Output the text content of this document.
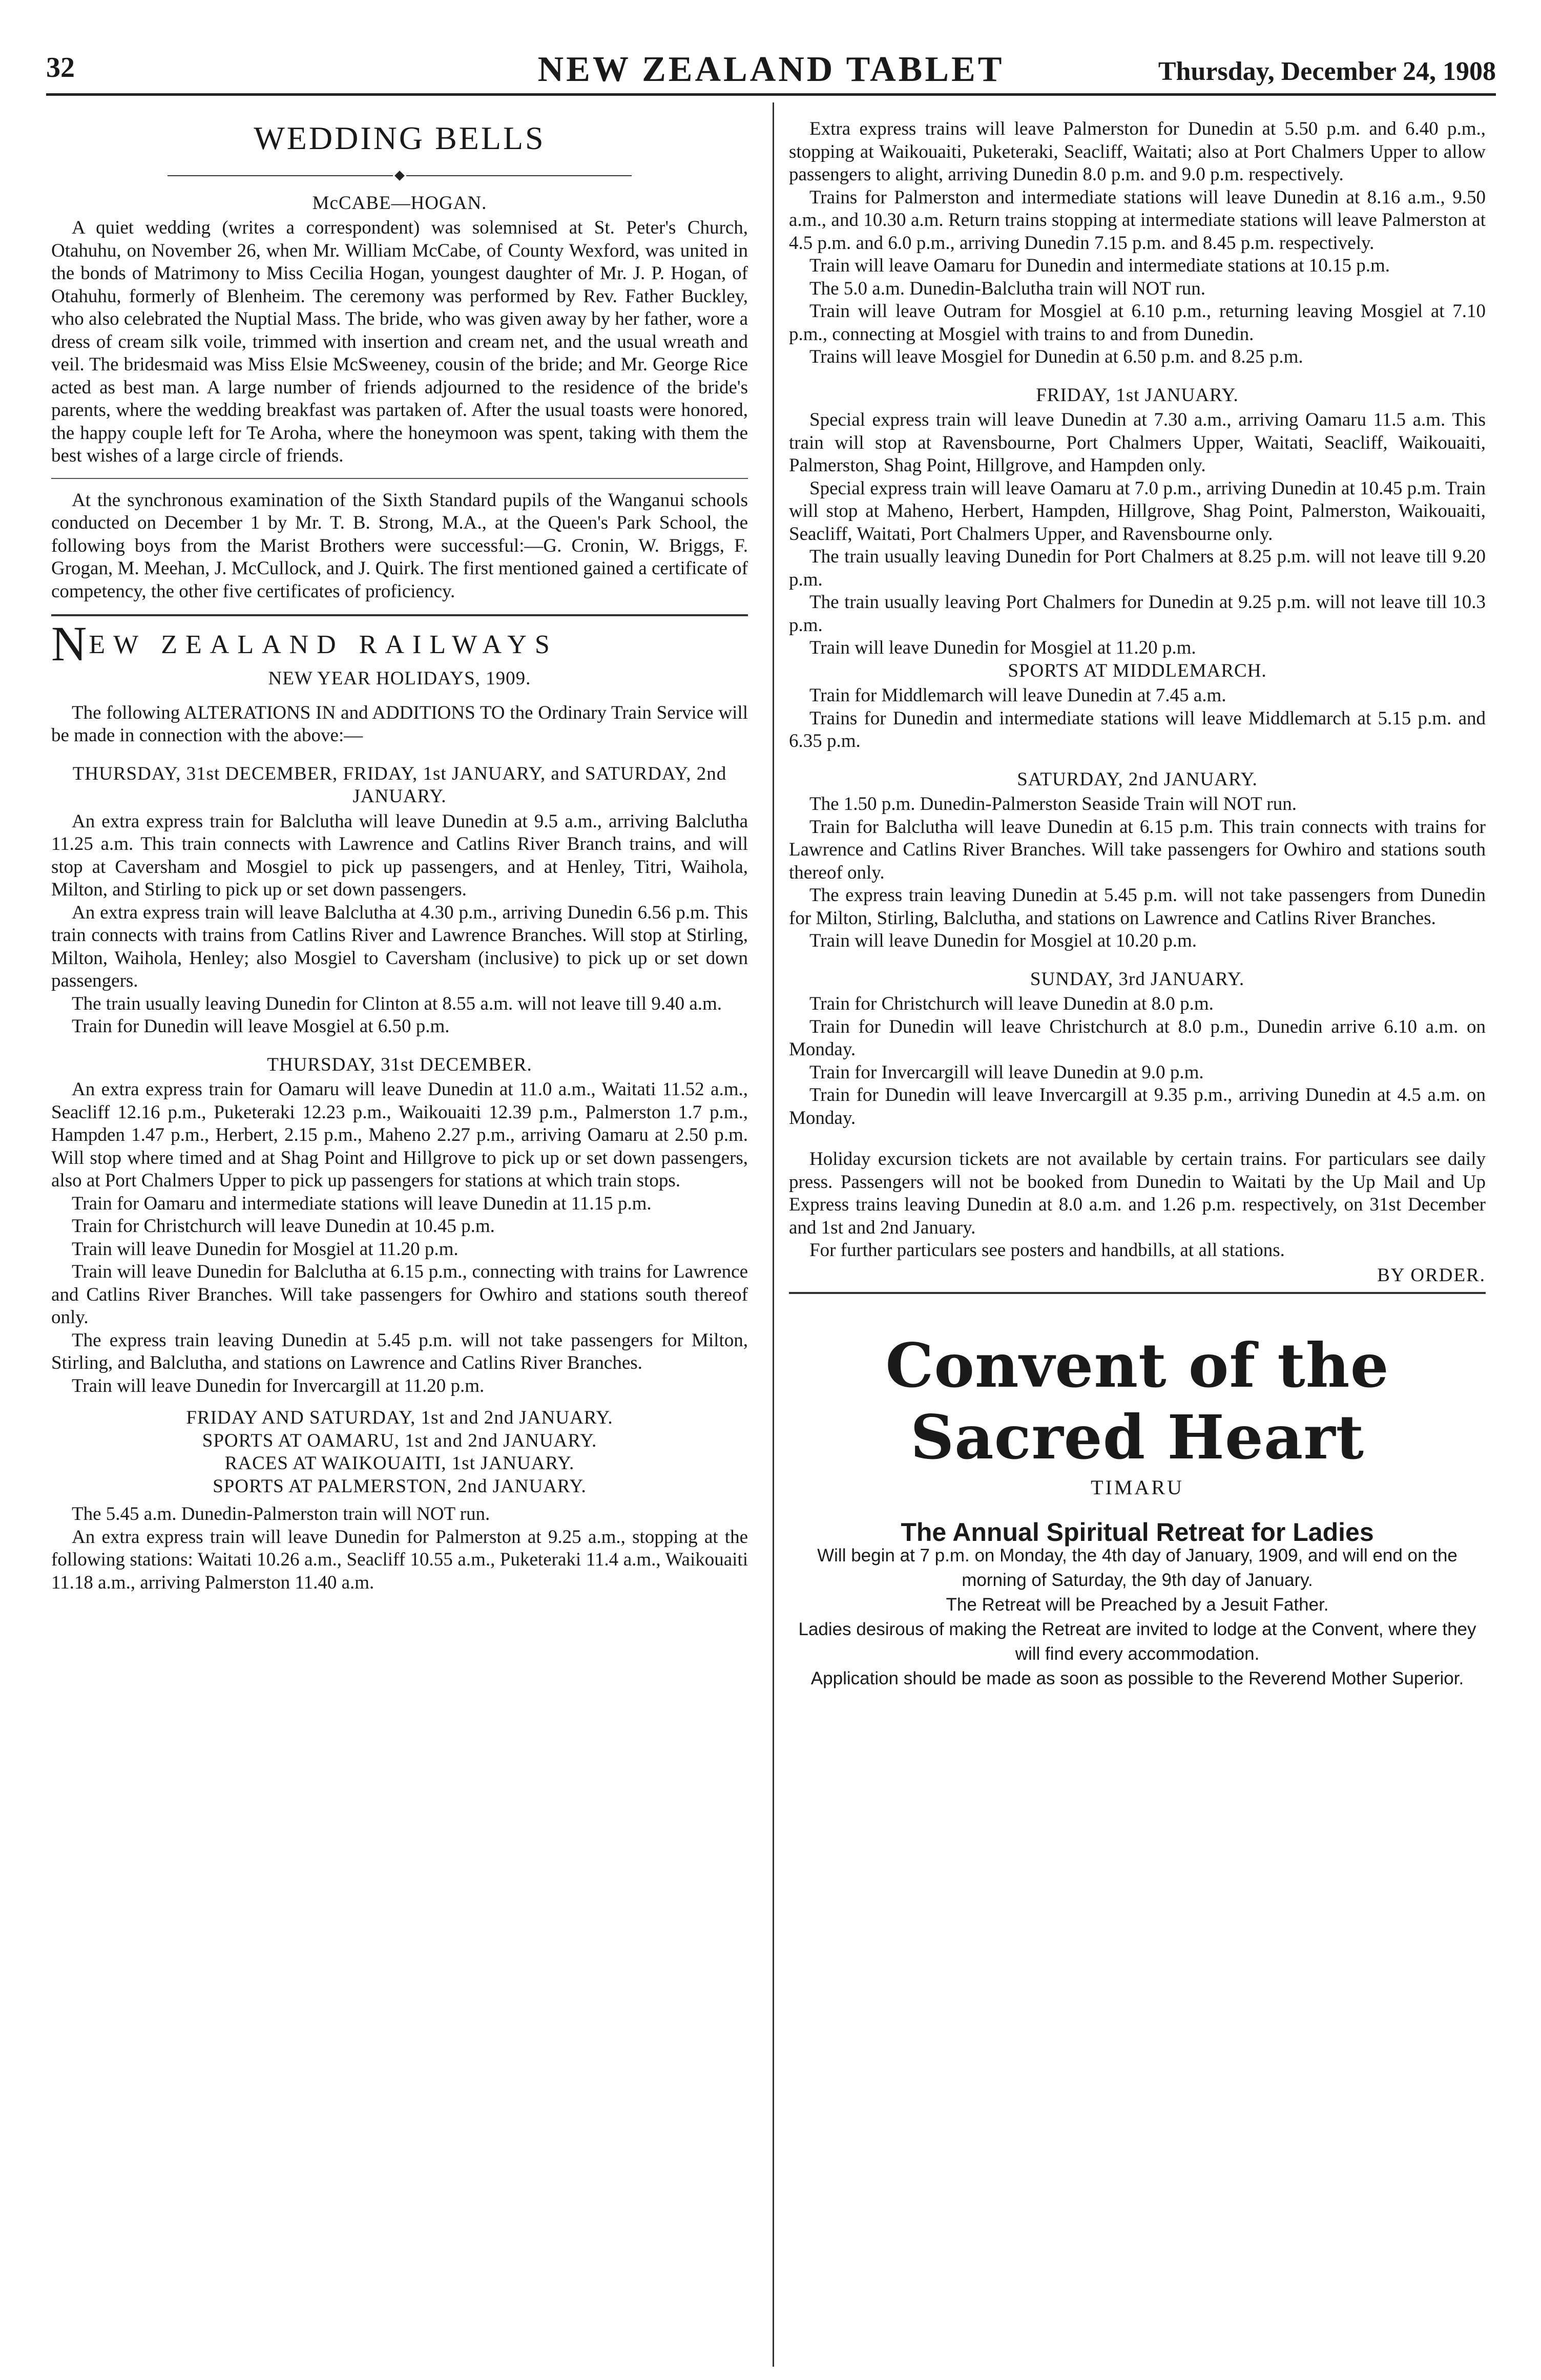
32	NEW ZEALAND TABLET	Thursday, December 24, 1908
WEDDING BELLS

McCABE—HOGAN.

A quiet wedding (writes a correspondent) was solemnised at St. Peter's Church, Otahuhu, on November 26, when Mr. William McCabe, of County Wexford, was united in the bonds of Matrimony to Miss Cecilia Hogan, youngest daughter of Mr. J. P. Hogan, of Otahuhu, formerly of Blenheim. The ceremony was performed by Rev. Father Buckley, who also celebrated the Nuptial Mass. The bride, who was given away by her father, wore a dress of cream silk voile, trimmed with insertion and cream net, and the usual wreath and veil. The bridesmaid was Miss Elsie McSweeney, cousin of the bride; and Mr. George Rice acted as best man. A large number of friends adjourned to the residence of the bride's parents, where the wedding breakfast was partaken of. After the usual toasts were honored, the happy couple left for Te Aroha, where the honeymoon was spent, taking with them the best wishes of a large circle of friends.

At the synchronous examination of the Sixth Standard pupils of the Wanganui schools conducted on December 1 by Mr. T. B. Strong, M.A., at the Queen's Park School, the following boys from the Marist Brothers were successful:—G. Cronin, W. Briggs, F. Grogan, M. Meehan, J. McCullock, and J. Quirk. The first mentioned gained a certificate of competency, the other five certificates of proficiency.

NEW ZEALAND RAILWAYS

NEW YEAR HOLIDAYS, 1909.

The following ALTERATIONS IN and ADDITIONS TO the Ordinary Train Service will be made in connection with the above:—

THURSDAY, 31st DECEMBER, FRIDAY, 1st JANUARY, and SATURDAY, 2nd JANUARY.

An extra express train for Balclutha will leave Dunedin at 9.5 a.m., arriving Balclutha 11.25 a.m. This train connects with Lawrence and Catlins River Branch trains, and will stop at Caversham and Mosgiel to pick up passengers, and at Henley, Titri, Waihola, Milton, and Stirling to pick up or set down passengers.

An extra express train will leave Balclutha at 4.30 p.m., arriving Dunedin 6.56 p.m. This train connects with trains from Catlins River and Lawrence Branches. Will stop at Stirling, Milton, Waihola, Henley; also Mosgiel to Caversham (inclusive) to pick up or set down passengers.

The train usually leaving Dunedin for Clinton at 8.55 a.m. will not leave till 9.40 a.m.

Train for Dunedin will leave Mosgiel at 6.50 p.m.

THURSDAY, 31st DECEMBER.

An extra express train for Oamaru will leave Dunedin at 11.0 a.m., Waitati 11.52 a.m., Seacliff 12.16 p.m., Puketeraki 12.23 p.m., Waikouaiti 12.39 p.m., Palmerston 1.7 p.m., Hampden 1.47 p.m., Herbert, 2.15 p.m., Maheno 2.27 p.m., arriving Oamaru at 2.50 p.m. Will stop where timed and at Shag Point and Hillgrove to pick up or set down passengers, also at Port Chalmers Upper to pick up passengers for stations at which train stops.

Train for Oamaru and intermediate stations will leave Dunedin at 11.15 p.m.

Train for Christchurch will leave Dunedin at 10.45 p.m.

Train will leave Dunedin for Mosgiel at 11.20 p.m.

Train will leave Dunedin for Balclutha at 6.15 p.m., connecting with trains for Lawrence and Catlins River Branches. Will take passengers for Owhiro and stations south thereof only.

The express train leaving Dunedin at 5.45 p.m. will not take passengers for Milton, Stirling, and Balclutha, and stations on Lawrence and Catlins River Branches.

Train will leave Dunedin for Invercargill at 11.20 p.m.

FRIDAY AND SATURDAY, 1st and 2nd JANUARY.

SPORTS AT OAMARU, 1st and 2nd JANUARY.

RACES AT WAIKOUAITI, 1st JANUARY.

SPORTS AT PALMERSTON, 2nd JANUARY.

The 5.45 a.m. Dunedin-Palmerston train will NOT run.

An extra express train will leave Dunedin for Palmerston at 9.25 a.m., stopping at the following stations: Waitati 10.26 a.m., Seacliff 10.55 a.m., Puketeraki 11.4 a.m., Waikouaiti 11.18 a.m., arriving Palmerston 11.40 a.m.

Extra express trains will leave Palmerston for Dunedin at 5.50 p.m. and 6.40 p.m., stopping at Waikouaiti, Puketeraki, Seacliff, Waitati; also at Port Chalmers Upper to allow passengers to alight, arriving Dunedin 8.0 p.m. and 9.0 p.m. respectively.

Trains for Palmerston and intermediate stations will leave Dunedin at 8.16 a.m., 9.50 a.m., and 10.30 a.m. Return trains stopping at intermediate stations will leave Palmerston at 4.5 p.m. and 6.0 p.m., arriving Dunedin 7.15 p.m. and 8.45 p.m. respectively.

Train will leave Oamaru for Dunedin and intermediate stations at 10.15 p.m.

The 5.0 a.m. Dunedin-Balclutha train will NOT run.

Train will leave Outram for Mosgiel at 6.10 p.m., returning leaving Mosgiel at 7.10 p.m., connecting at Mosgiel with trains to and from Dunedin.

Trains will leave Mosgiel for Dunedin at 6.50 p.m. and 8.25 p.m.

FRIDAY, 1st JANUARY.

Special express train will leave Dunedin at 7.30 a.m., arriving Oamaru 11.5 a.m. This train will stop at Ravensbourne, Port Chalmers Upper, Waitati, Seacliff, Waikouaiti, Palmerston, Shag Point, Hillgrove, and Hampden only.

Special express train will leave Oamaru at 7.0 p.m., arriving Dunedin at 10.45 p.m. Train will stop at Maheno, Herbert, Hampden, Hillgrove, Shag Point, Palmerston, Waikouaiti, Seacliff, Waitati, Port Chalmers Upper, and Ravensbourne only.

The train usually leaving Dunedin for Port Chalmers at 8.25 p.m. will not leave till 9.20 p.m.

The train usually leaving Port Chalmers for Dunedin at 9.25 p.m. will not leave till 10.3 p.m.

Train will leave Dunedin for Mosgiel at 11.20 p.m.

SPORTS AT MIDDLEMARCH.

Train for Middlemarch will leave Dunedin at 7.45 a.m.

Trains for Dunedin and intermediate stations will leave Middlemarch at 5.15 p.m. and 6.35 p.m.

SATURDAY, 2nd JANUARY.

The 1.50 p.m. Dunedin-Palmerston Seaside Train will NOT run.

Train for Balclutha will leave Dunedin at 6.15 p.m. This train connects with trains for Lawrence and Catlins River Branches. Will take passengers for Owhiro and stations south thereof only.

The express train leaving Dunedin at 5.45 p.m. will not take passengers from Dunedin for Milton, Stirling, Balclutha, and stations on Lawrence and Catlins River Branches.

Train will leave Dunedin for Mosgiel at 10.20 p.m.

SUNDAY, 3rd JANUARY.

Train for Christchurch will leave Dunedin at 8.0 p.m.

Train for Dunedin will leave Christchurch at 8.0 p.m., Dunedin arrive 6.10 a.m. on Monday.

Train for Invercargill will leave Dunedin at 9.0 p.m.

Train for Dunedin will leave Invercargill at 9.35 p.m., arriving Dunedin at 4.5 a.m. on Monday.

Holiday excursion tickets are not available by certain trains. For particulars see daily press. Passengers will not be booked from Dunedin to Waitati by the Up Mail and Up Express trains leaving Dunedin at 8.0 a.m. and 1.26 p.m. respectively, on 31st December and 1st and 2nd January.

For further particulars see posters and handbills, at all stations.

BY ORDER.

Convent of the Sacred Heart
TIMARU
The Annual Spiritual Retreat for Ladies

Will begin at 7 p.m. on Monday, the 4th day of January, 1909, and will end on the morning of Saturday, the 9th day of January.

The Retreat will be Preached by a Jesuit Father.

Ladies desirous of making the Retreat are invited to lodge at the Convent, where they will find every accommodation.

Application should be made as soon as possible to the Reverend Mother Superior.
